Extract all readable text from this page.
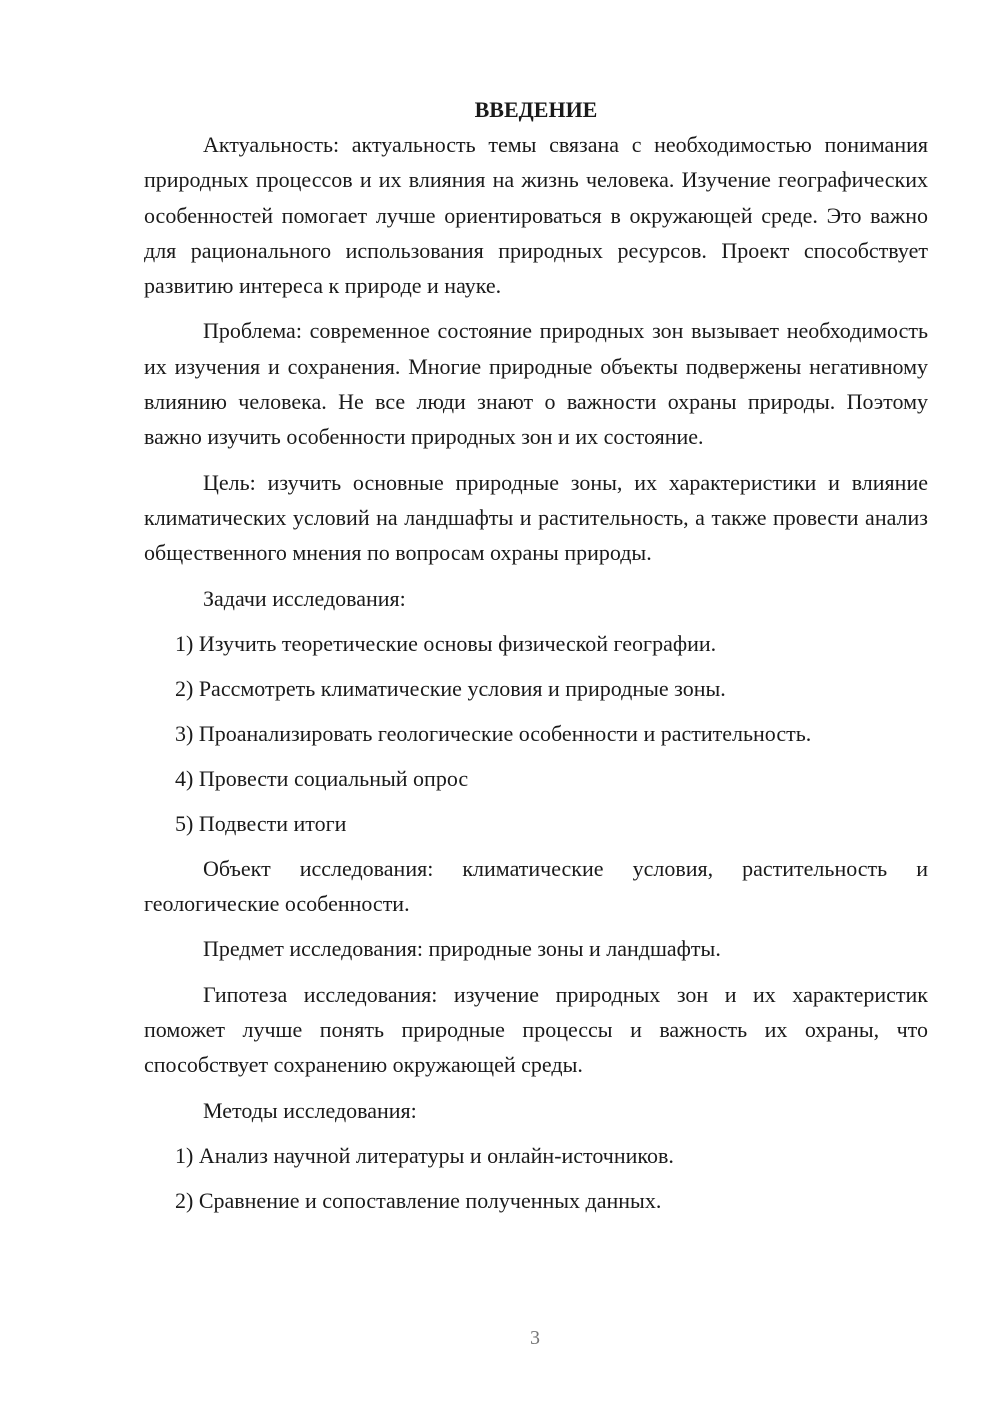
ВВЕДЕНИЕ

Актуальность: актуальность темы связана с необходимостью понимания природных процессов и их влияния на жизнь человека. Изучение географических особенностей помогает лучше ориентироваться в окружающей среде. Это важно для рационального использования природных ресурсов. Проект способствует развитию интереса к природе и науке.

Проблема: современное состояние природных зон вызывает необходимость их изучения и сохранения. Многие природные объекты подвержены негативному влиянию человека. Не все люди знают о важности охраны природы. Поэтому важно изучить особенности природных зон и их состояние.

Цель: изучить основные природные зоны, их характеристики и влияние климатических условий на ландшафты и растительность, а также провести анализ общественного мнения по вопросам охраны природы.

Задачи исследования:

1) Изучить теоретические основы физической географии.

2) Рассмотреть климатические условия и природные зоны.

3) Проанализировать геологические особенности и растительность.

4) Провести социальный опрос

5) Подвести итоги

Объект исследования: климатические условия, растительность и геологические особенности.

Предмет исследования: природные зоны и ландшафты.

Гипотеза исследования: изучение природных зон и их характеристик поможет лучше понять природные процессы и важность их охраны, что способствует сохранению окружающей среды.

Методы исследования:

1) Анализ научной литературы и онлайн-источников.

2) Сравнение и сопоставление полученных данных.

3
